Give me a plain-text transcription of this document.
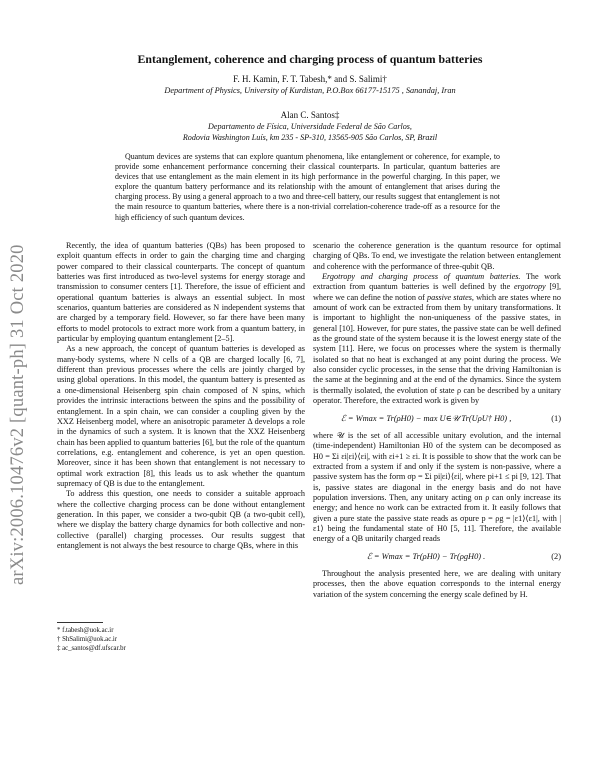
arXiv:2006.10476v2 [quant-ph] 31 Oct 2020
Entanglement, coherence and charging process of quantum batteries
F. H. Kamin, F. T. Tabesh,* and S. Salimi†
Department of Physics, University of Kurdistan, P.O.Box 66177-15175 , Sanandaj, Iran
Alan C. Santos‡
Departamento de Física, Universidade Federal de São Carlos,
Rodovia Washington Luís, km 235 - SP-310, 13565-905 São Carlos, SP, Brazil
Quantum devices are systems that can explore quantum phenomena, like entanglement or coherence, for example, to provide some enhancement performance concerning their classical counterparts. In particular, quantum batteries are devices that use entanglement as the main element in its high performance in the powerful charging. In this paper, we explore the quantum battery performance and its relationship with the amount of entanglement that arises during the charging process. By using a general approach to a two and three-cell battery, our results suggest that entanglement is not the main resource to quantum batteries, where there is a non-trivial correlation-coherence trade-off as a resource for the high efficiency of such quantum devices.

Recently, the idea of quantum batteries (QBs) has been proposed to exploit quantum effects in order to gain the charging time and charging power compared to their classical counterparts. The concept of quantum batteries was first introduced as two-level systems for energy storage and transmission to consumer centers [1]. Therefore, the issue of efficient and operational quantum batteries is always an essential subject. In most scenarios, quantum batteries are considered as N independent systems that are charged by a temporary field. However, so far there have been many efforts to model protocols to extract more work from a quantum battery, in particular by employing quantum entanglement [2–5].

As a new approach, the concept of quantum batteries is developed as many-body systems, where N cells of a QB are charged locally [6, 7], different than previous processes where the cells are jointly charged by using global operations. In this model, the quantum battery is presented as a one-dimensional Heisenberg spin chain composed of N spins, which provides the intrinsic interactions between the spins and the possibility of entanglement. In a spin chain, we can consider a coupling given by the XXZ Heisenberg model, where an anisotropic parameter Δ develops a role in the dynamics of such a system. It is known that the XXZ Heisenberg chain has been applied to quantum batteries [6], but the role of the quantum correlations, e.g. entanglement and coherence, is yet an open question. Moreover, since it has been shown that entanglement is not necessary to optimal work extraction [8], this leads us to ask whether the quantum supremacy of QB is due to the entanglement.

To address this question, one needs to consider a suitable approach where the collective charging process can be done without entanglement generation. In this paper, we consider a two-qubit QB (a two-qubit cell), where we display the battery charge dynamics for both collective and non-collective (parallel) charging processes. Our results suggest that entanglement is not always the best resource to charge QBs, where in this

scenario the coherence generation is the quantum resource for optimal charging of QBs. To end, we investigate the relation between entanglement and coherence with the performance of three-qubit QB.

Ergotropy and charging process of quantum batteries. The work extraction from quantum batteries is well defined by the ergotropy [9], where we can define the notion of passive states, which are states where no amount of work can be extracted from them by unitary transformations. It is important to highlight the non-uniqueness of the passive states, in general [10]. However, for pure states, the passive state can be well defined as the ground state of the system because it is the lowest energy state of the system [11]. Here, we focus on processes where the system is thermally isolated so that no heat is exchanged at any point during the process. We also consider cyclic processes, in the sense that the driving Hamiltonian is the same at the beginning and at the end of the dynamics. Since the system is thermally isolated, the evolution of state ρ can be described by a unitary operator. Therefore, the extracted work is given by

ℰ = Wmax = Tr(ρH0) − max U∈𝒰 Tr(UρU† H0) ,	(1)

where 𝒰 is the set of all accessible unitary evolution, and the internal (time-independent) Hamiltonian H0 of the system can be decomposed as H0 = Σi εi|εi⟩⟨εi|, with εi+1 ≥ εi. It is possible to show that the work can be extracted from a system if and only if the system is non-passive, where a passive system has the form σp = Σi pi|εi⟩⟨εi|, where pi+1 ≤ pi [9, 12]. That is, passive states are diagonal in the energy basis and do not have population inversions. Then, any unitary acting on ρ can only increase its energy; and hence no work can be extracted from it. It easily follows that given a pure state the passive state reads as σpure p = ρg = |ε1⟩⟨ε1|, with |ε1⟩ being the fundamental state of H0 [5, 11]. Therefore, the available energy of a QB unitarily charged reads

ℰ = Wmax = Tr(ρH0) − Tr(ρgH0) .	(2)

Throughout the analysis presented here, we are dealing with unitary processes, then the above equation corresponds to the internal energy variation of the system concerning the energy scale defined by H.

* f.tabesh@uok.ac.ir
† ShSalimi@uok.ac.ir
‡ ac_santos@df.ufscar.br
